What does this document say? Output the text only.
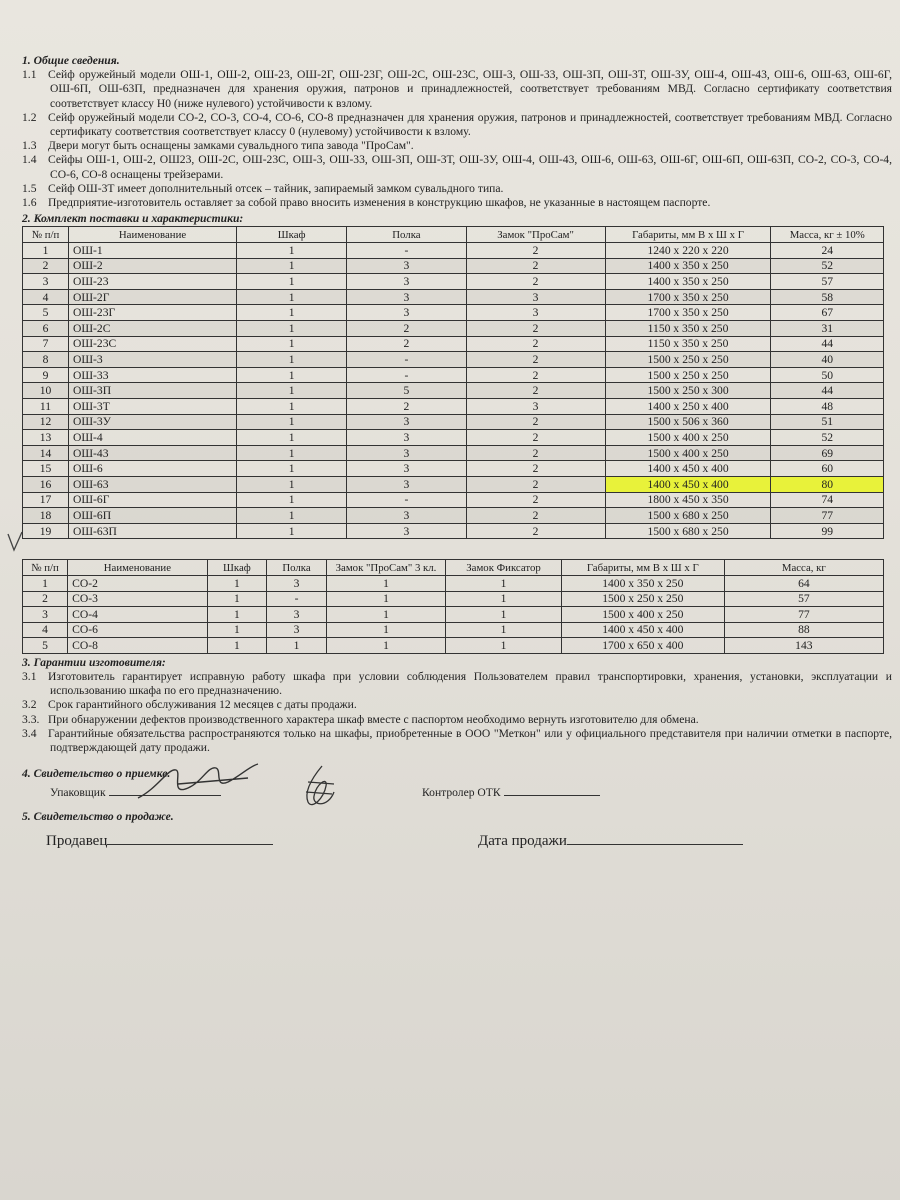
1. Общие сведения.
1.1 Сейф оружейный модели ОШ-1, ОШ-2, ОШ-23, ОШ-2Г, ОШ-23Г, ОШ-2С, ОШ-23С, ОШ-3, ОШ-33, ОШ-3П, ОШ-3Т, ОШ-3У, ОШ-4, ОШ-43, ОШ-6, ОШ-63, ОШ-6Г, ОШ-6П, ОШ-63П, предназначен для хранения оружия, патронов и принадлежностей, соответствует требованиям МВД. Согласно сертификату соответствия соответствует классу Н0 (ниже нулевого) устойчивости к взлому.
1.2 Сейф оружейный модели СО-2, СО-3, СО-4, СО-6, СО-8 предназначен для хранения оружия, патронов и принадлежностей, соответствует требованиям МВД. Согласно сертификату соответствия соответствует классу 0 (нулевому) устойчивости к взлому.
1.3 Двери могут быть оснащены замками сувальдного типа завода "ПроСам".
1.4 Сейфы ОШ-1, ОШ-2, ОШ23, ОШ-2С, ОШ-23С, ОШ-3, ОШ-33, ОШ-3П, ОШ-3Т, ОШ-3У, ОШ-4, ОШ-43, ОШ-6, ОШ-63, ОШ-6Г, ОШ-6П, ОШ-63П, СО-2, СО-3, СО-4, СО-6, СО-8 оснащены трейзерами.
1.5 Сейф ОШ-3Т имеет дополнительный отсек – тайник, запираемый замком сувальдного типа.
1.6 Предприятие-изготовитель оставляет за собой право вносить изменения в конструкцию шкафов, не указанные в настоящем паспорте.
2. Комплект поставки и характеристики:
№ п/п	Наименование	Шкаф	Полка	Замок "ПроСам"	Габариты, мм В х Ш х Г	Масса, кг ± 10%
1	ОШ-1	1	-	2	1240 х 220 х 220	24
2	ОШ-2	1	3	2	1400 х 350 х 250	52
3	ОШ-23	1	3	2	1400 х 350 х 250	57
4	ОШ-2Г	1	3	3	1700 х 350 х 250	58
5	ОШ-23Г	1	3	3	1700 х 350 х 250	67
6	ОШ-2С	1	2	2	1150 х 350 х 250	31
7	ОШ-23С	1	2	2	1150 х 350 х 250	44
8	ОШ-3	1	-	2	1500 х 250 х 250	40
9	ОШ-33	1	-	2	1500 х 250 х 250	50
10	ОШ-3П	1	5	2	1500 х 250 х 300	44
11	ОШ-3Т	1	2	3	1400 х 250 х 400	48
12	ОШ-3У	1	3	2	1500 х 506 х 360	51
13	ОШ-4	1	3	2	1500 х 400 х 250	52
14	ОШ-43	1	3	2	1500 х 400 х 250	69
15	ОШ-6	1	3	2	1400 х 450 х 400	60
16	ОШ-63	1	3	2	1400 х 450 х 400	80
17	ОШ-6Г	1	-	2	1800 х 450 х 350	74
18	ОШ-6П	1	3	2	1500 х 680 х 250	77
19	ОШ-63П	1	3	2	1500 х 680 х 250	99
№ п/п	Наименование	Шкаф	Полка	Замок "ПроСам" 3 кл.	Замок Фиксатор	Габариты, мм В х Ш х Г	Масса, кг
1	СО-2	1	3	1	1	1400 х 350 х 250	64
2	СО-3	1	-	1	1	1500 х 250 х 250	57
3	СО-4	1	3	1	1	1500 х 400 х 250	77
4	СО-6	1	3	1	1	1400 х 450 х 400	88
5	СО-8	1	1	1	1	1700 х 650 х 400	143
3. Гарантии изготовителя:
3.1 Изготовитель гарантирует исправную работу шкафа при условии соблюдения Пользователем правил транспортировки, хранения, установки, эксплуатации и использованию шкафа по его предназначению.
3.2 Срок гарантийного обслуживания 12 месяцев с даты продажи.
3.3. При обнаружении дефектов производственного характера шкаф вместе с паспортом необходимо вернуть изготовителю для обмена.
3.4 Гарантийные обязательства распространяются только на шкафы, приобретенные в ООО "Меткон" или у официального представителя при наличии отметки в паспорте, подтверждающей дату продажи.
4. Свидетельство о приемке.
Упаковщик	Контролер ОТК
5. Свидетельство о продаже.
Продавец	Дата продажи
